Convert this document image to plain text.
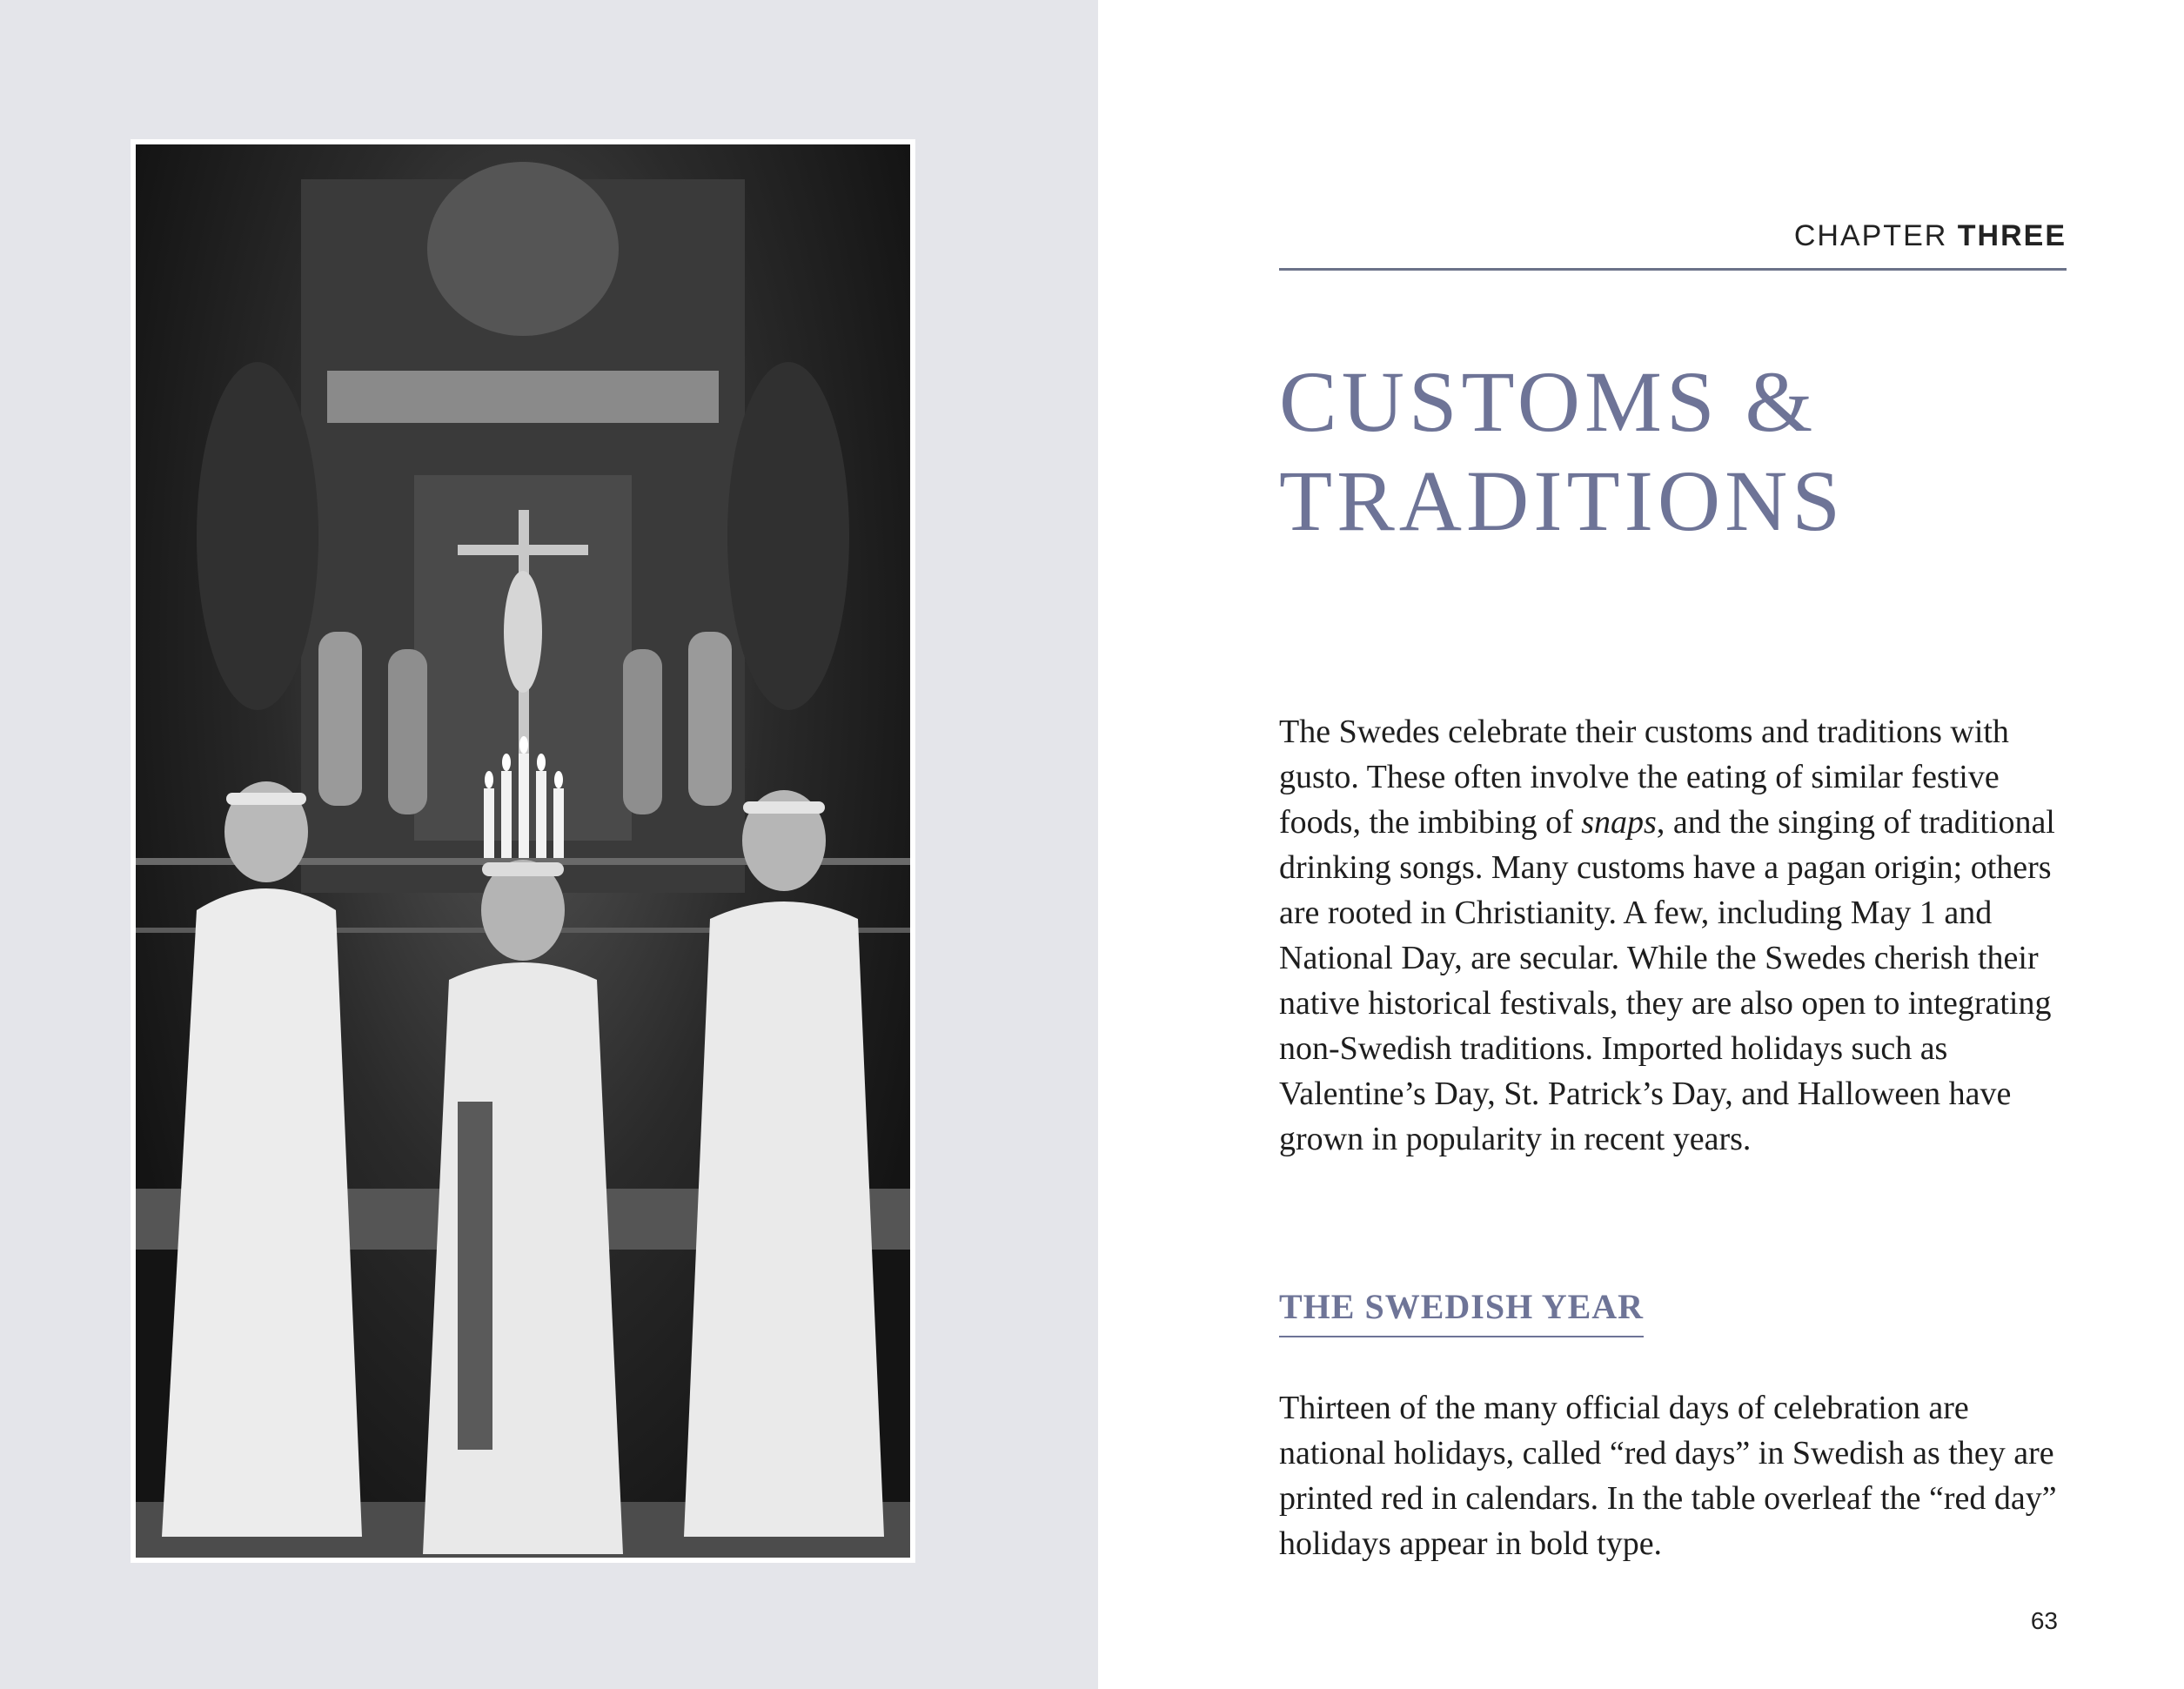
CHAPTER THREE
CUSTOMS &
TRADITIONS

The Swedes celebrate their customs and traditions with gusto. These often involve the eating of similar festive foods, the imbibing of snaps, and the singing of traditional drinking songs. Many customs have a pagan origin; others are rooted in Christianity. A few, including May 1 and National Day, are secular. While the Swedes cherish their native historical festivals, they are also open to integrating non-Swedish traditions. Imported holidays such as Valentine’s Day, St. Patrick’s Day, and Halloween have grown in popularity in recent years.

THE SWEDISH YEAR

Thirteen of the many official days of celebration are national holidays, called “red days” in Swedish as they are printed red in calendars. In the table overleaf the “red day” holidays appear in bold type.

63
